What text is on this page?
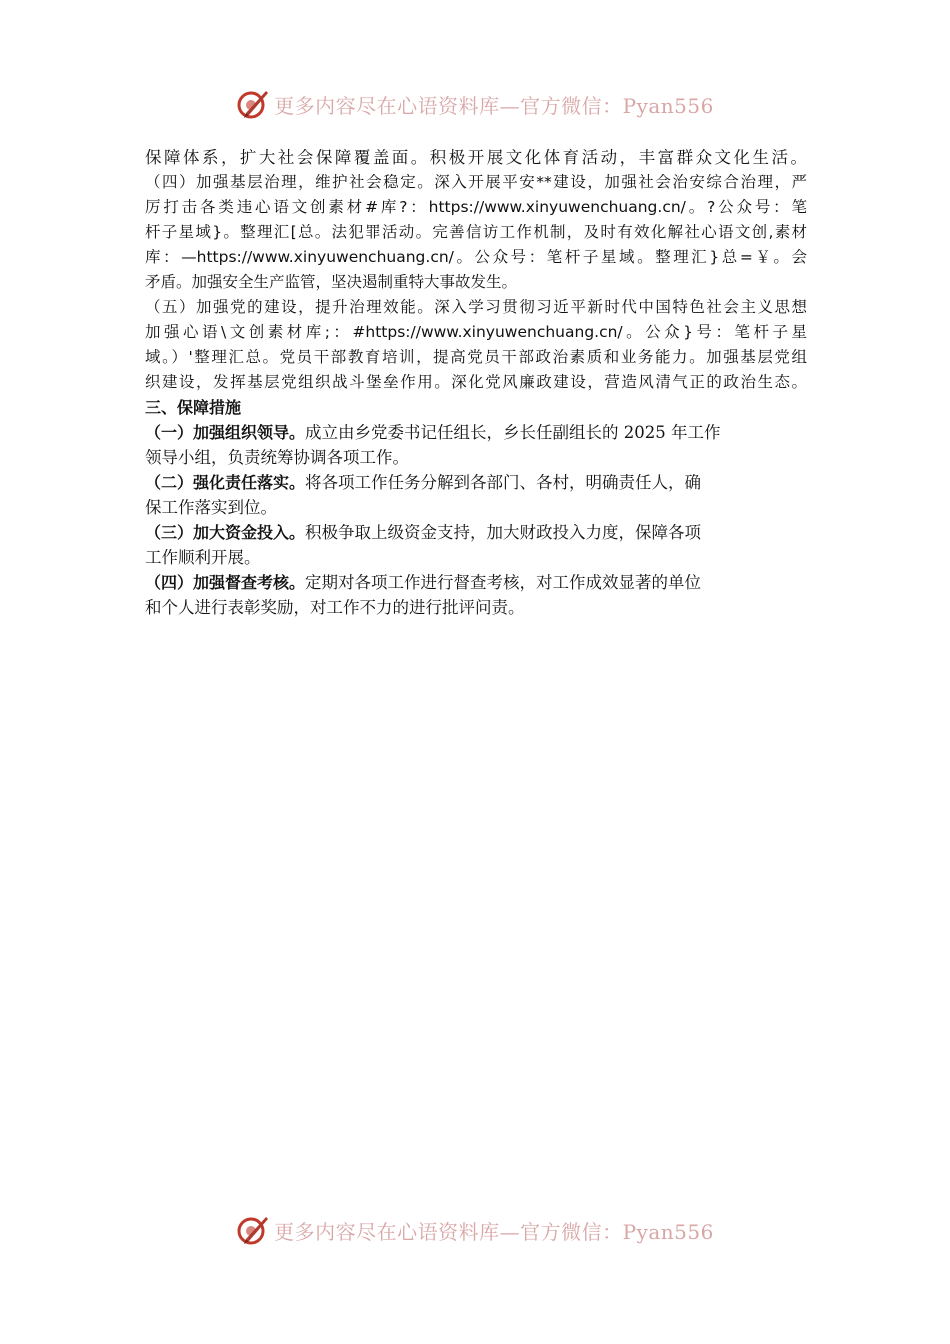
更多内容尽在心语资料库—官方微信：Pyan556
保障体系，扩大社会保障覆盖面。积极开展文化体育活动，丰富群众文化生活。
（四）加强基层治理，维护社会稳定。深入开展平安**建设，加强社会治安综合治理，严
厉打击各类违心语文创素材#库?：https://www.xinyuwenchuang.cn/。?公众号：笔
杆子星域}。整理汇[总。法犯罪活动。完善信访工作机制，及时有效化解社心语文创,素材
库：—https://www.xinyuwenchuang.cn/。公众号：笔杆子星域。整理汇}总=￥。会
矛盾。加强安全生产监管，坚决遏制重特大事故发生。
（五）加强党的建设，提升治理效能。深入学习贯彻习近平新时代中国特色社会主义思想
加强心语\文创素材库;：#https://www.xinyuwenchuang.cn/。公众}号：笔杆子星
域。）'整理汇总。党员干部教育培训，提高党员干部政治素质和业务能力。加强基层党组
织建设，发挥基层党组织战斗堡垒作用。深化党风廉政建设，营造风清气正的政治生态。
三、保障措施
（一）加强组织领导。成立由乡党委书记任组长，乡长任副组长的 2025 年工作
领导小组，负责统筹协调各项工作。
（二）强化责任落实。将各项工作任务分解到各部门、各村，明确责任人，确
保工作落实到位。
（三）加大资金投入。积极争取上级资金支持，加大财政投入力度，保障各项
工作顺利开展。
（四）加强督查考核。定期对各项工作进行督查考核，对工作成效显著的单位
和个人进行表彰奖励，对工作不力的进行批评问责。
更多内容尽在心语资料库—官方微信：Pyan556
